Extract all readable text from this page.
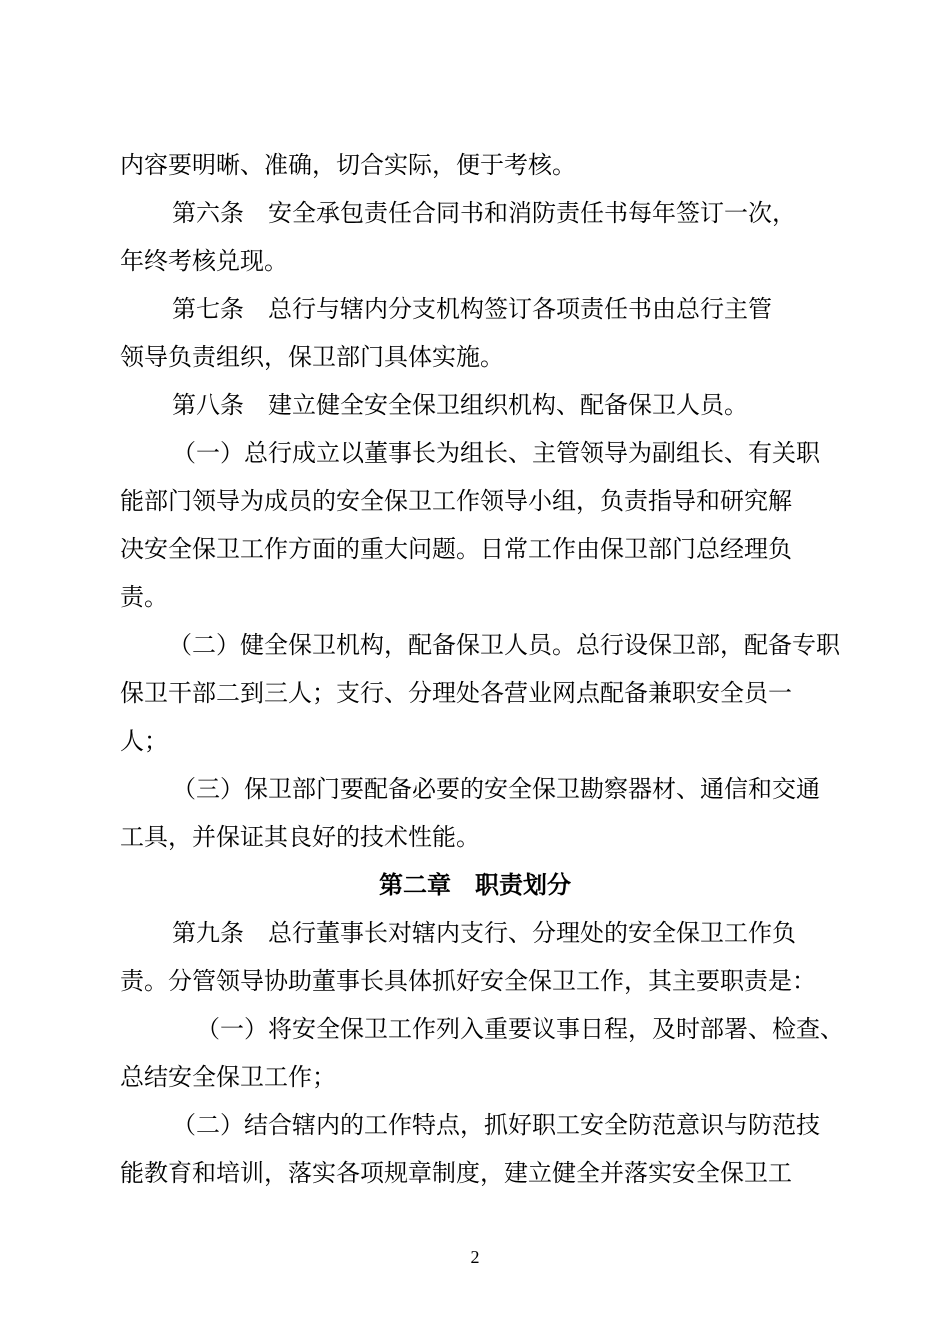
内容要明晰、准确，切合实际，便于考核。
第六条　安全承包责任合同书和消防责任书每年签订一次，
年终考核兑现。
第七条　总行与辖内分支机构签订各项责任书由总行主管
领导负责组织，保卫部门具体实施。
第八条　建立健全安全保卫组织机构、配备保卫人员。
（一）总行成立以董事长为组长、主管领导为副组长、有关职
能部门领导为成员的安全保卫工作领导小组，负责指导和研究解
决安全保卫工作方面的重大问题。日常工作由保卫部门总经理负
责。
（二）健全保卫机构，配备保卫人员。总行设保卫部，配备专职
保卫干部二到三人；支行、分理处各营业网点配备兼职安全员一
人；
（三）保卫部门要配备必要的安全保卫勘察器材、通信和交通
工具，并保证其良好的技术性能。
第二章　职责划分
第九条　总行董事长对辖内支行、分理处的安全保卫工作负
责。分管领导协助董事长具体抓好安全保卫工作，其主要职责是：
（一）将安全保卫工作列入重要议事日程，及时部署、检查、
总结安全保卫工作；
（二）结合辖内的工作特点，抓好职工安全防范意识与防范技
能教育和培训，落实各项规章制度，建立健全并落实安全保卫工
2
